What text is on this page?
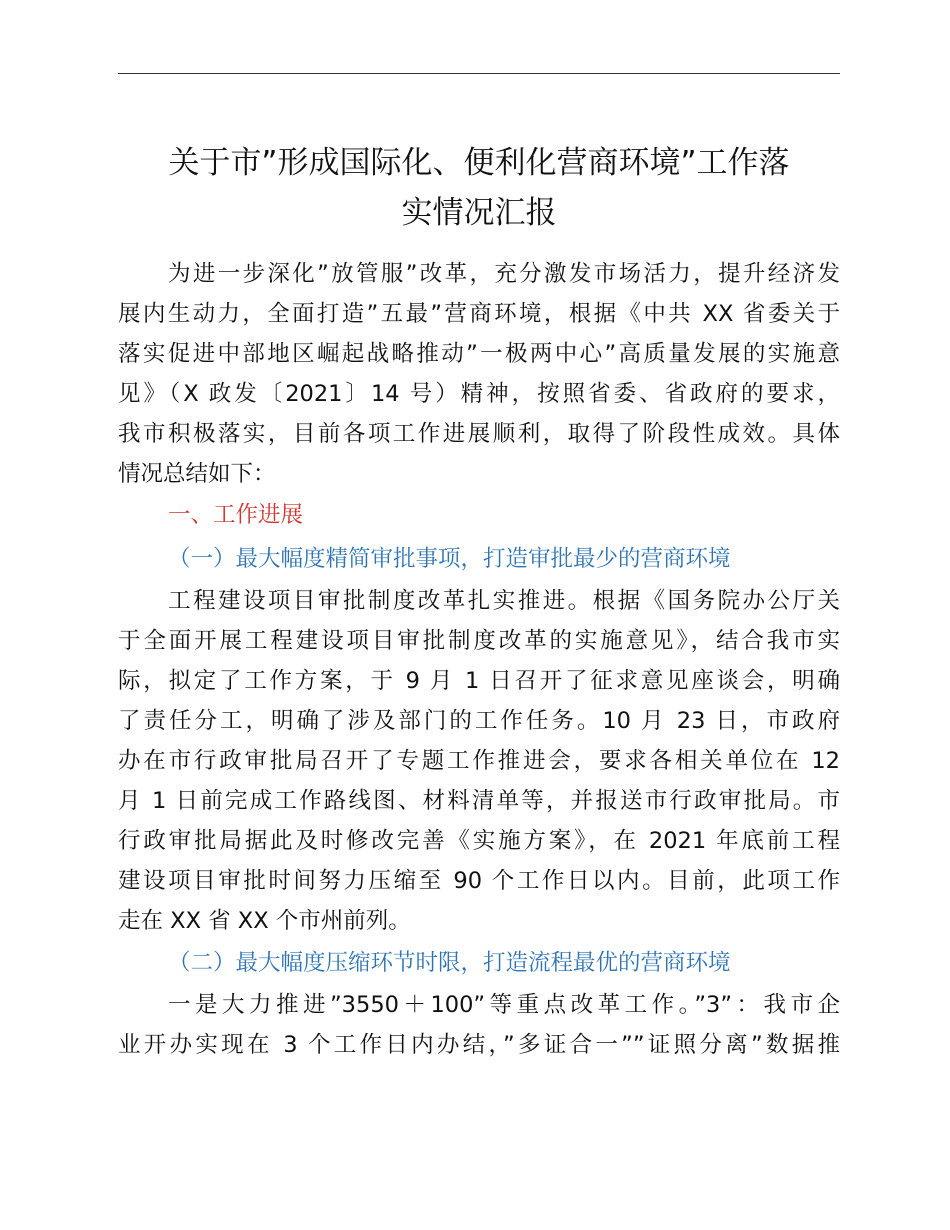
关于市”形成国际化、便利化营商环境”工作落
实情况汇报
为进一步深化”放管服”改革，充分激发市场活力，提升经济发
展内生动力，全面打造”五最”营商环境，根据《中共 XX 省委关于
落实促进中部地区崛起战略推动”一极两中心”高质量发展的实施意
见》（X 政发〔2021〕14 号）精神，按照省委、省政府的要求，
我市积极落实，目前各项工作进展顺利，取得了阶段性成效。具体
情况总结如下：
一、工作进展
（一）最大幅度精简审批事项，打造审批最少的营商环境
工程建设项目审批制度改革扎实推进。根据《国务院办公厅关
于全面开展工程建设项目审批制度改革的实施意见》，结合我市实
际，拟定了工作方案，于 9 月 1 日召开了征求意见座谈会，明确
了责任分工，明确了涉及部门的工作任务。10 月 23 日，市政府
办在市行政审批局召开了专题工作推进会，要求各相关单位在 12
月 1 日前完成工作路线图、材料清单等，并报送市行政审批局。市
行政审批局据此及时修改完善《实施方案》，在 2021 年底前工程
建设项目审批时间努力压缩至 90 个工作日以内。目前，此项工作
走在 XX 省 XX 个市州前列。
（二）最大幅度压缩环节时限，打造流程最优的营商环境
一是大力推进”3550＋100”等重点改革工作。”3”：我市企
业开办实现在 3 个工作日内办结，”多证合一””证照分离”数据推
